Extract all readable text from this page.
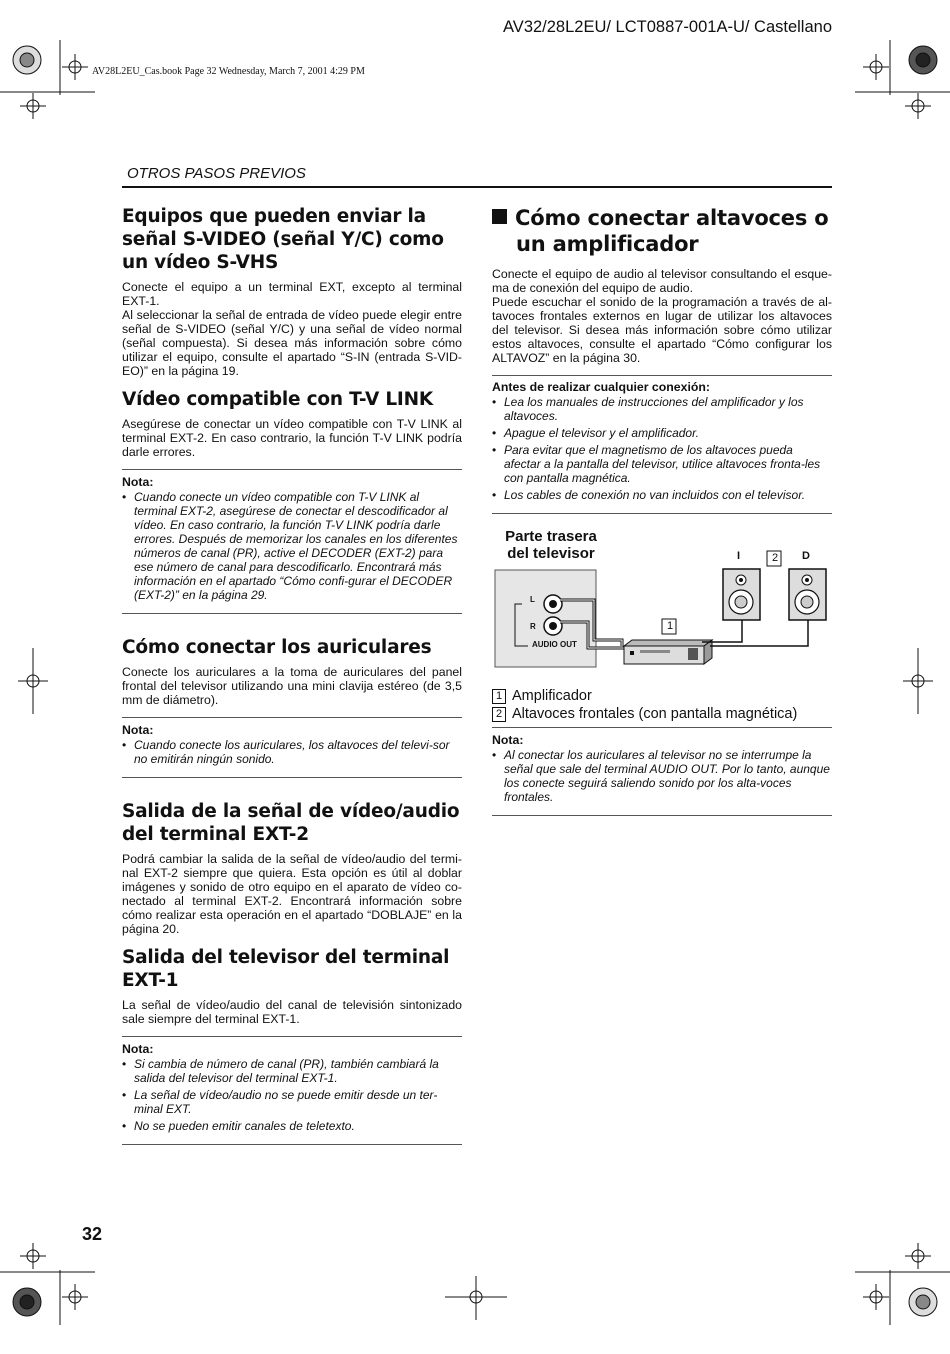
AV32/28L2EU/ LCT0887-001A-U/ Castellano
AV28L2EU_Cas.book Page 32 Wednesday, March 7, 2001 4:29 PM
OTROS PASOS PREVIOS
Equipos que pueden enviar la señal S-VIDEO (señal Y/C) como un vídeo S-VHS

Conecte el equipo a un terminal EXT, excepto al terminal EXT-1.
Al seleccionar la señal de entrada de vídeo puede elegir entre señal de S-VIDEO (señal Y/C) y una señal de vídeo normal (señal compuesta). Si desea más información sobre cómo utilizar el equipo, consulte el apartado “S-IN (entrada S-VID-EO)” en la página 19.

Vídeo compatible con T-V LINK

Asegúrese de conectar un vídeo compatible con T-V LINK al terminal EXT-2. En caso contrario, la función T-V LINK podría darle errores.

Nota:
• Cuando conecte un vídeo compatible con T-V LINK al terminal EXT-2, asegúrese de conectar el descodificador al vídeo. En caso contrario, la función T-V LINK podría darle errores. Después de memorizar los canales en los diferentes números de canal (PR), active el DECODER (EXT-2) para ese número de canal para descodificarlo. Encontrará más información en el apartado “Cómo confi-gurar el DECODER (EXT-2)” en la página 29.
Cómo conectar los auriculares

Conecte los auriculares a la toma de auriculares del panel frontal del televisor utilizando una mini clavija estéreo (de 3,5 mm de diámetro).

Nota:
• Cuando conecte los auriculares, los altavoces del televi-sor no emitirán ningún sonido.
Salida de la señal de vídeo/audio del terminal EXT-2

Podrá cambiar la salida de la señal de vídeo/audio del termi-nal EXT-2 siempre que quiera. Esta opción es útil al doblar imágenes y sonido de otro equipo en el aparato de vídeo co-nectado al terminal EXT-2. Encontrará información sobre cómo realizar esta operación en el apartado “DOBLAJE” en la página 20.

Salida del televisor del terminal EXT-1

La señal de vídeo/audio del canal de televisión sintonizado sale siempre del terminal EXT-1.

Nota:
• Si cambia de número de canal (PR), también cambiará la salida del televisor del terminal EXT-1.
• La señal de vídeo/audio no se puede emitir desde un ter-minal EXT.
• No se pueden emitir canales de teletexto.
Cómo conectar altavoces o
un amplificador

Conecte el equipo de audio al televisor consultando el esque-ma de conexión del equipo de audio.
Puede escuchar el sonido de la programación a través de al-tavoces frontales externos en lugar de utilizar los altavoces del televisor. Si desea más información sobre cómo utilizar estos altavoces, consulte el apartado “Cómo configurar los ALTAVOZ” en la página 30.

Antes de realizar cualquier conexión:
• Lea los manuales de instrucciones del amplificador y los altavoces.
• Apague el televisor y el amplificador.
• Para evitar que el magnetismo de los altavoces pueda afectar a la pantalla del televisor, utilice altavoces fronta-les con pantalla magnética.
• Los cables de conexión no van incluidos con el televisor.
Parte trasera del televisor
L
R
AUDIO OUT
1
2
I	D
1 Amplificador
2 Altavoces frontales (con pantalla magnética)
Nota:
• Al conectar los auriculares al televisor no se interrumpe la señal que sale del terminal AUDIO OUT. Por lo tanto, aunque los conecte seguirá saliendo sonido por los alta-voces frontales.
32
